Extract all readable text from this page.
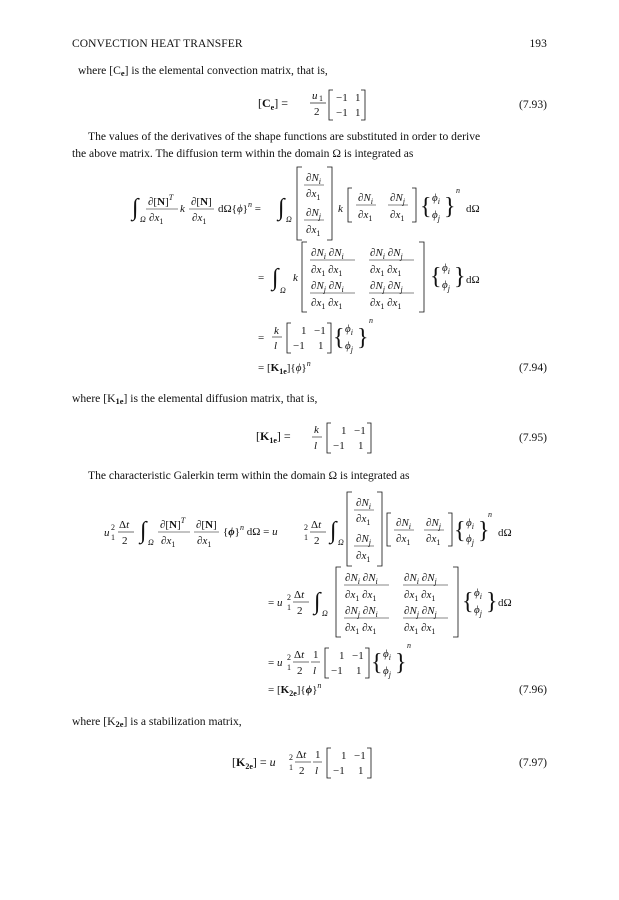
CONVECTION HEAT TRANSFER	193
where [Ce] is the elemental convection matrix, that is,
$[C_e] = u$ 1
2
−1 1
−1 1
(7.93)
The values of the derivatives of the shape functions are substituted in order to derive
the above matrix. The diffusion term within the domain Ω is integrated as
∫ Ω
$\partial[N]^T$
$\partial x_1$
k
∂[N]
$\partial x_1$
$d\Omega\{\phi\}^n$ = ∫ Ω
$\partial N_i$
$\partial x_1$
$\partial N_j$
$\partial x_1$
k
$\partial N_i$
$\partial x_1$
$\partial N_j$
$\partial x_1$ { $\phi_i$
$\phi_j$ }
n
dΩ
= ∫ Ω
k
$\partial N_i$ $\partial N_i$
$\partial x_1$ $\partial x_1$
$\partial N_i$ $\partial N_j$
$\partial x_1$ $\partial x_1$
$\partial N_j$ $\partial N_i$
$\partial x_1$ $\partial x_1$
$\partial N_j$ $\partial N_j$
$\partial x_1$ $\partial x_1$
{ $\phi_i$
$\phi_j$ } dΩ
=
k
l
1 −1
−1 1 { $\phi_i$
$\phi_j$ }
n
= $[K_{1e}]\{\phi\}^n$	(7.94)
where [K1e] is the elemental diffusion matrix, that is,
$[K_{1e}] = k$
l
1 −1
−1 1
(7.95)
The characteristic Galerkin term within the domain Ω is integrated as
u 2
1
Δt
2 ∫ Ω
$\partial[N]^T$
$\partial x_1$
∂[N]
$\partial x_1$
$\{\phi\}^n$ dΩ = u	2
1
Δt
2 ∫ Ω
$\partial N_i$
$\partial x_1$
$\partial N_j$
$\partial x_1$
$\partial N_i$
$\partial x_1$
$\partial N_j$
$\partial x_1$ { $\phi_i$
$\phi_j$ }
n
dΩ
= u 2
1
Δt
2 ∫ Ω
$\partial N_i$ $\partial N_i$
$\partial x_1$ $\partial x_1$
$\partial N_i$ $\partial N_j$
$\partial x_1$ $\partial x_1$
$\partial N_j$ $\partial N_i$
$\partial x_1$ $\partial x_1$
$\partial N_j$ $\partial N_j$
$\partial x_1$ $\partial x_1$
{ $\phi_i$
$\phi_j$ } dΩ
= u 2
1
Δt
2
1
l
1 −1
−1 1 { $\phi_i$
$\phi_j$ }
n
= $[K_{2e}]\{\phi\}^n$	(7.96)
where [K2e] is a stabilization matrix,
$[K_{2e}] = u$ 2
1
Δt
2
1
l
1 −1
−1 1
(7.97)
